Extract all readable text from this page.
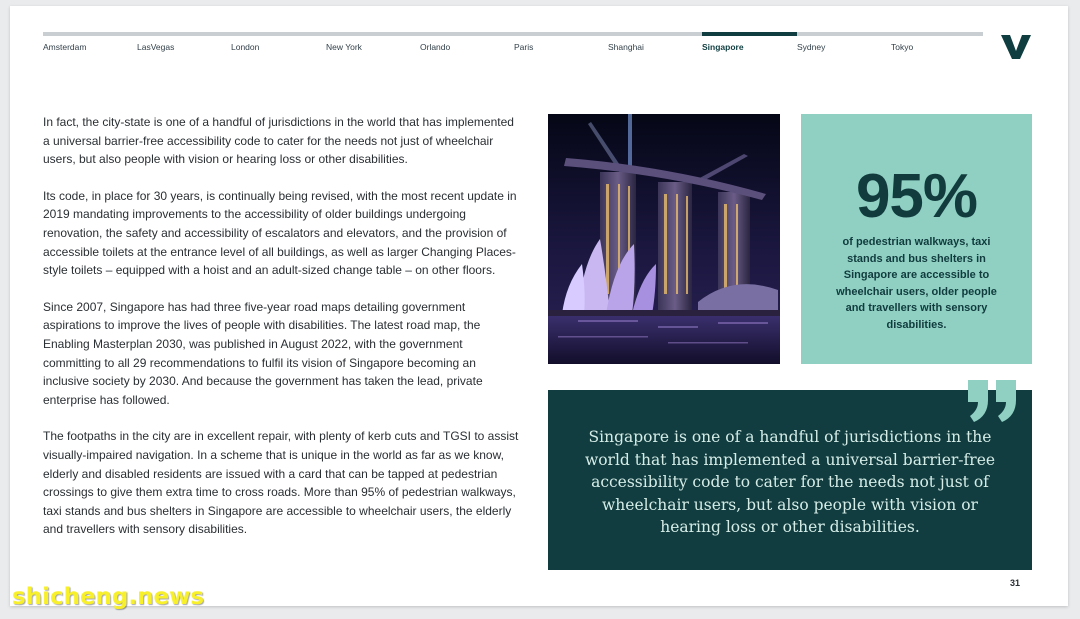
Amsterdam	LasVegas	London	New York	Orlando	Paris	Shanghai	Singapore	Sydney	Tokyo

In fact, the city-state is one of a handful of jurisdictions in the world that has implemented a universal barrier-free accessibility code to cater for the needs not just of wheelchair users, but also people with vision or hearing loss or other disabilities.

Its code, in place for 30 years, is continually being revised, with the most recent update in 2019 mandating improvements to the accessibility of older buildings undergoing renovation, the safety and accessibility of escalators and elevators, and the provision of accessible toilets at the entrance level of all buildings, as well as larger Changing Places-style toilets – equipped with a hoist and an adult-sized change table – on other floors.

Since 2007, Singapore has had three five-year road maps detailing government aspirations to improve the lives of people with disabilities. The latest road map, the Enabling Masterplan 2030, was published in August 2022, with the government committing to all 29 recommendations to fulfil its vision of Singapore becoming an inclusive society by 2030. And because the government has taken the lead, private enterprise has followed.

The footpaths in the city are in excellent repair, with plenty of kerb cuts and TGSI to assist visually-impaired navigation. In a scheme that is unique in the world as far as we know, elderly and disabled residents are issued with a card that can be tapped at pedestrian crossings to give them extra time to cross roads. More than 95% of pedestrian walkways, taxi stands and bus shelters in Singapore are accessible to wheelchair users, the elderly and travellers with sensory disabilities.

95%
of pedestrian walkways, taxi stands and bus shelters in Singapore are accessible to wheelchair users, older people and travellers with sensory disabilities.
Singapore is one of a handful of jurisdictions in the world that has implemented a universal barrier-free accessibility code to cater for the needs not just of wheelchair users, but also people with vision or hearing loss or other disabilities.
31
shicheng.news
